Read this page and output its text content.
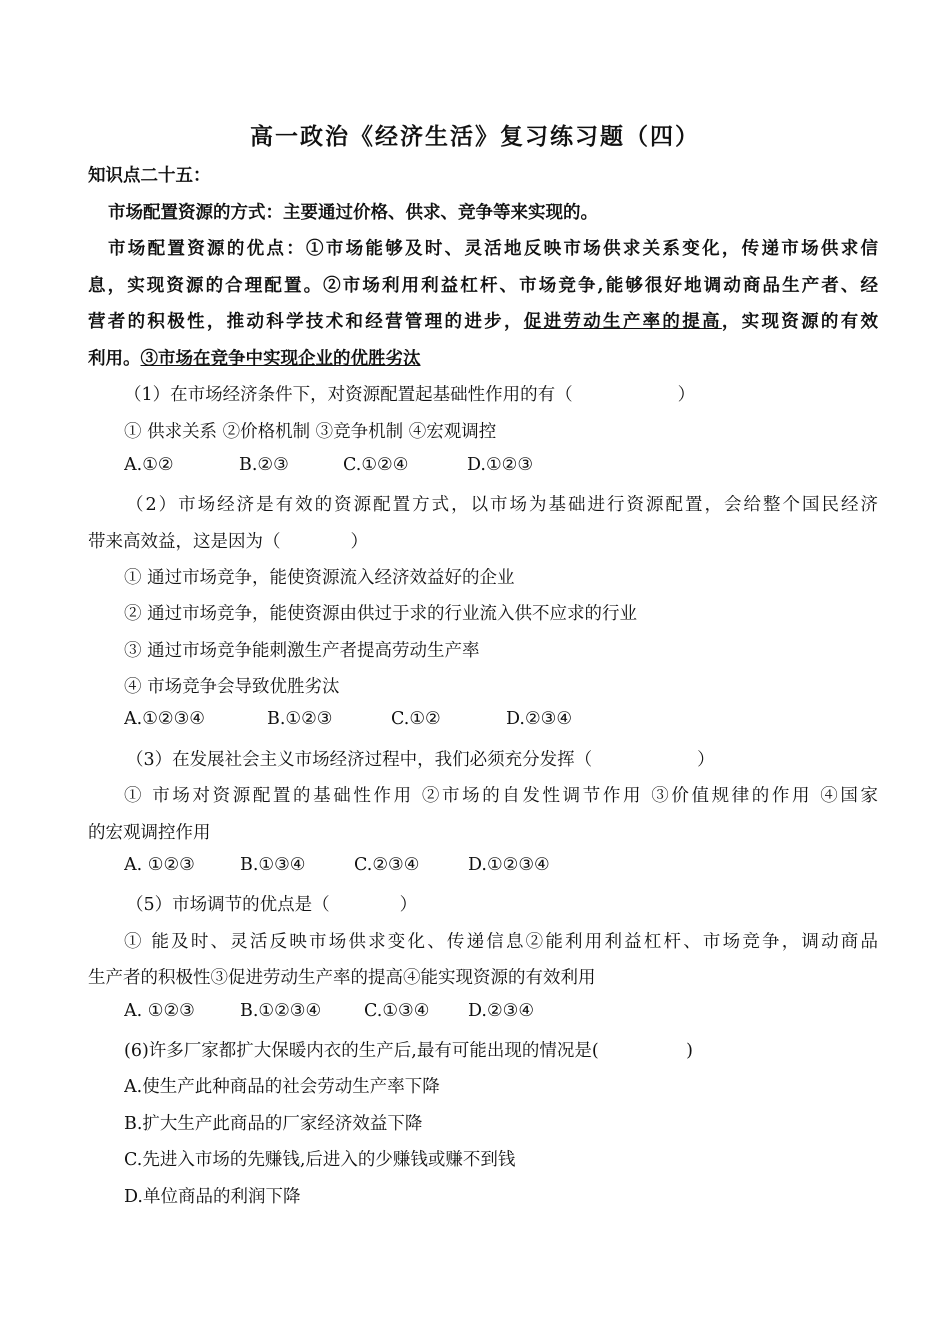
高一政治《经济生活》复习练习题（四）
知识点二十五：
市场配置资源的方式：主要通过价格、供求、竞争等来实现的。
市场配置资源的优点：①市场能够及时、灵活地反映市场供求关系变化，传递市场供求信
息，实现资源的合理配置。②市场利用利益杠杆、市场竞争,能够很好地调动商品生产者、经
营者的积极性，推动科学技术和经营管理的进步，促进劳动生产率的提高，实现资源的有效
利用。③市场在竞争中实现企业的优胜劣汰
（1）在市场经济条件下，对资源配置起基础性作用的有（　　　　　　）
① 供求关系 ②价格机制 ③竞争机制 ④宏观调控
A.①②	B.②③	C.①②④	D.①②③
（2）市场经济是有效的资源配置方式，以市场为基础进行资源配置，会给整个国民经济
带来高效益，这是因为（　　　　）
① 通过市场竞争，能使资源流入经济效益好的企业
② 通过市场竞争，能使资源由供过于求的行业流入供不应求的行业
③ 通过市场竞争能刺激生产者提高劳动生产率
④ 市场竞争会导致优胜劣汰
A.①②③④	B.①②③	C.①②	D.②③④
（3）在发展社会主义市场经济过程中，我们必须充分发挥（　　　　　　）
① 市场对资源配置的基础性作用 ②市场的自发性调节作用 ③价值规律的作用 ④国家
的宏观调控作用
A. ①②③	B.①③④	C.②③④	D.①②③④
（5）市场调节的优点是（　　　　）
① 能及时、灵活反映市场供求变化、传递信息②能利用利益杠杆、市场竞争，调动商品
生产者的积极性③促进劳动生产率的提高④能实现资源的有效利用
A. ①②③	B.①②③④ C.①③④ D.②③④
(6)许多厂家都扩大保暖内衣的生产后,最有可能出现的情况是(　　　　　)
A.使生产此种商品的社会劳动生产率下降
B.扩大生产此商品的厂家经济效益下降
C.先进入市场的先赚钱,后进入的少赚钱或赚不到钱
D.单位商品的利润下降
